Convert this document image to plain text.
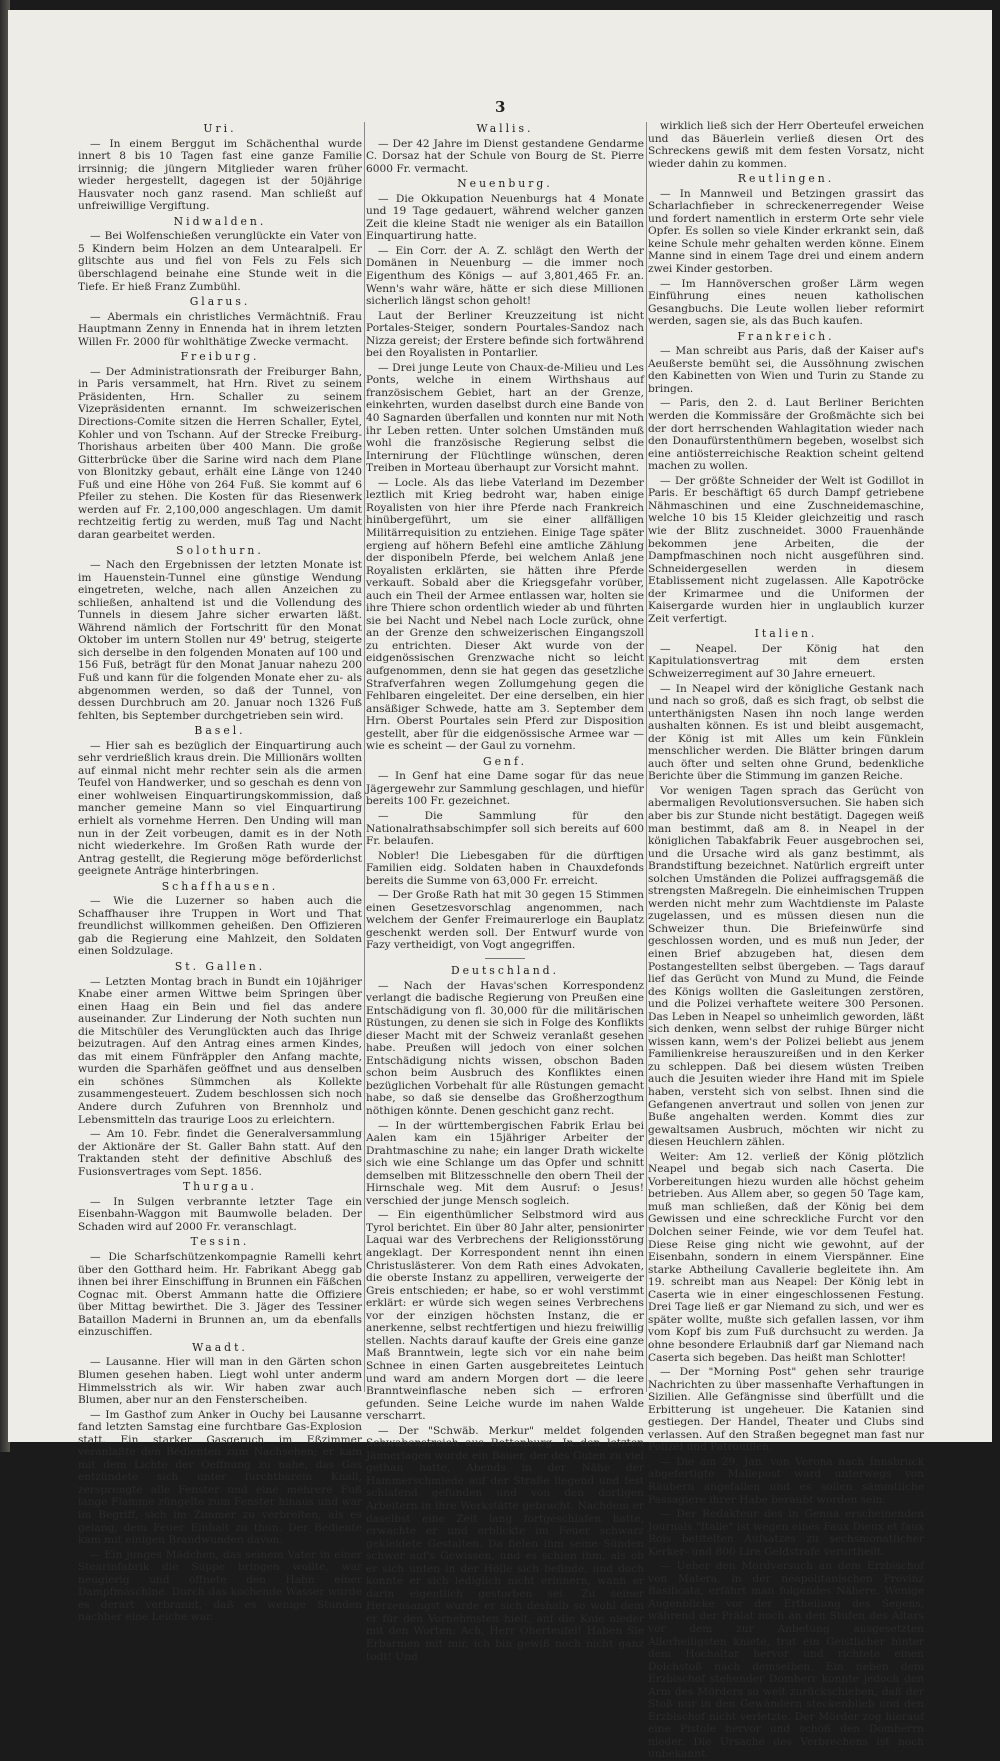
3
Uri.

— In einem Berggut im Schächenthal wurde innert 8 bis 10 Tagen fast eine ganze Familie irrsinnig; die jüngern Mitglieder waren früher wieder hergestellt, dagegen ist der 50jährige Hausvater noch ganz rasend. Man schließt auf unfreiwillige Vergiftung.

Nidwalden.

— Bei Wolfenschießen verunglückte ein Vater von 5 Kindern beim Holzen an dem Untearalpeli. Er glitschte aus und fiel von Fels zu Fels sich überschlagend beinahe eine Stunde weit in die Tiefe. Er hieß Franz Zumbühl.

Glarus.

— Abermals ein christliches Vermächtniß. Frau Hauptmann Zenny in Ennenda hat in ihrem letzten Willen Fr. 2000 für wohlthätige Zwecke vermacht.

Freiburg.

— Der Administrationsrath der Freiburger Bahn, in Paris versammelt, hat Hrn. Rivet zu seinem Präsidenten, Hrn. Schaller zu seinem Vizepräsidenten ernannt. Im schweizerischen Directions-Comite sitzen die Herren Schaller, Eytel, Kohler und von Tschann. Auf der Strecke Freiburg-Thorishaus arbeiten über 400 Mann. Die große Gitterbrücke über die Sarine wird nach dem Plane von Blonitzky gebaut, erhält eine Länge von 1240 Fuß und eine Höhe von 264 Fuß. Sie kommt auf 6 Pfeiler zu stehen. Die Kosten für das Riesenwerk werden auf Fr. 2,100,000 angeschlagen. Um damit rechtzeitig fertig zu werden, muß Tag und Nacht daran gearbeitet werden.

Solothurn.

— Nach den Ergebnissen der letzten Monate ist im Hauenstein-Tunnel eine günstige Wendung eingetreten, welche, nach allen Anzeichen zu schließen, anhaltend ist und die Vollendung des Tunnels in diesem Jahre sicher erwarten läßt. Während nämlich der Fortschritt für den Monat Oktober im untern Stollen nur 49' betrug, steigerte sich derselbe in den folgenden Monaten auf 100 und 156 Fuß, beträgt für den Monat Januar nahezu 200 Fuß und kann für die folgenden Monate eher zu- als abgenommen werden, so daß der Tunnel, von dessen Durchbruch am 20. Januar noch 1326 Fuß fehlten, bis September durchgetrieben sein wird.

Basel.

— Hier sah es bezüglich der Einquartirung auch sehr verdrießlich kraus drein. Die Millionärs wollten auf einmal nicht mehr rechter sein als die armen Teufel von Handwerker, und so geschah es denn von einer wohlweisen Einquartirungskommission, daß mancher gemeine Mann so viel Einquartirung erhielt als vornehme Herren. Den Unding will man nun in der Zeit vorbeugen, damit es in der Noth nicht wiederkehre. Im Großen Rath wurde der Antrag gestellt, die Regierung möge beförderlichst geeignete Anträge hinterbringen.

Schaffhausen.

— Wie die Luzerner so haben auch die Schaffhauser ihre Truppen in Wort und That freundlichst willkommen geheißen. Den Offizieren gab die Regierung eine Mahlzeit, den Soldaten einen Soldzulage.

St. Gallen.

— Letzten Montag brach in Bundt ein 10jähriger Knabe einer armen Wittwe beim Springen über einen Haag ein Bein und fiel das andere auseinander. Zur Linderung der Noth suchten nun die Mitschüler des Verunglückten auch das Ihrige beizutragen. Auf den Antrag eines armen Kindes, das mit einem Fünfräppler den Anfang machte, wurden die Sparhäfen geöffnet und aus denselben ein schönes Sümmchen als Kollekte zusammengesteuert. Zudem beschlossen sich noch Andere durch Zufuhren von Brennholz und Lebensmitteln das traurige Loos zu erleichtern.

— Am 10. Febr. findet die Generalversammlung der Aktionäre der St. Galler Bahn statt. Auf den Traktanden steht der definitive Abschluß des Fusionsvertrages vom Sept. 1856.

Thurgau.

— In Sulgen verbrannte letzter Tage ein Eisenbahn-Waggon mit Baumwolle beladen. Der Schaden wird auf 2000 Fr. veranschlagt.

Tessin.

— Die Scharfschützenkompagnie Ramelli kehrt über den Gotthard heim. Hr. Fabrikant Abegg gab ihnen bei ihrer Einschiffung in Brunnen ein Fäßchen Cognac mit. Oberst Ammann hatte die Offiziere über Mittag bewirthet. Die 3. Jäger des Tessiner Bataillon Maderni in Brunnen an, um da ebenfalls einzuschiffen.

Waadt.

— Lausanne. Hier will man in den Gärten schon Blumen gesehen haben. Liegt wohl unter anderm Himmelsstrich als wir. Wir haben zwar auch Blumen, aber nur an den Fensterscheiben.

— Im Gasthof zum Anker in Ouchy bei Lausanne fand letzten Samstag eine furchtbare Gas-Explosion statt. Ein starker Gasgeruch im Eßzimmer veranlaßte den Bedienten zum Nachsehen; er kam mit dem Lichte der Oeffnung zu nahe, das Gas entzündete sich unter furchtbarem Knall, zersprengte alle Fenster und eine mehrere Fuß lange Flamme züngelte zum Fenster hinaus und war im Begriff, sich im Zimmer zu verbreiten, als es gelang, dem Feuer Einhalt zu thun. Der Bediente kam mit einigen Brandwunden davon.

— Ein junges Mädchen, das seinem Vater in einer Stearinfabrik die Suppe bringen wollte, war neugierig und öffnete den Hahn einer Dampfmaschine. Durch das kochende Wasser wurde es derart verbrannt, daß es wenige Stunden nachher eine Leiche war.

Wallis.

— Der 42 Jahre im Dienst gestandene Gendarme C. Dorsaz hat der Schule von Bourg de St. Pierre 6000 Fr. vermacht.

Neuenburg.

— Die Okkupation Neuenburgs hat 4 Monate und 19 Tage gedauert, während welcher ganzen Zeit die kleine Stadt nie weniger als ein Bataillon Einquartirung hatte.

— Ein Corr. der A. Z. schlägt den Werth der Domänen in Neuenburg — die immer noch Eigenthum des Königs — auf 3,801,465 Fr. an. Wenn's wahr wäre, hätte er sich diese Millionen sicherlich längst schon geholt!

Laut der Berliner Kreuzzeitung ist nicht Portales-Steiger, sondern Pourtales-Sandoz nach Nizza gereist; der Erstere befinde sich fortwährend bei den Royalisten in Pontarlier.

— Drei junge Leute von Chaux-de-Milieu und Les Ponts, welche in einem Wirthshaus auf französischem Gebiet, hart an der Grenze, einkehrten, wurden daselbst durch eine Bande von 40 Sagnarden überfallen und konnten nur mit Noth ihr Leben retten. Unter solchen Umständen muß wohl die französische Regierung selbst die Internirung der Flüchtlinge wünschen, deren Treiben in Morteau überhaupt zur Vorsicht mahnt.

— Locle. Als das liebe Vaterland im Dezember leztlich mit Krieg bedroht war, haben einige Royalisten von hier ihre Pferde nach Frankreich hinübergeführt, um sie einer allfälligen Militärrequisition zu entziehen. Einige Tage später ergieng auf höhern Befehl eine amtliche Zählung der disponibeln Pferde, bei welchem Anlaß jene Royalisten erklärten, sie hätten ihre Pferde verkauft. Sobald aber die Kriegsgefahr vorüber, auch ein Theil der Armee entlassen war, holten sie ihre Thiere schon ordentlich wieder ab und führten sie bei Nacht und Nebel nach Locle zurück, ohne an der Grenze den schweizerischen Eingangszoll zu entrichten. Dieser Akt wurde von der eidgenössischen Grenzwache nicht so leicht aufgenommen, denn sie hat gegen das gesetzliche Strafverfahren wegen Zollumgehung gegen die Fehlbaren eingeleitet. Der eine derselben, ein hier ansäßiger Schwede, hatte am 3. September dem Hrn. Oberst Pourtales sein Pferd zur Disposition gestellt, aber für die eidgenössische Armee war — wie es scheint — der Gaul zu vornehm.

Genf.

— In Genf hat eine Dame sogar für das neue Jägergewehr zur Sammlung geschlagen, und hiefür bereits 100 Fr. gezeichnet.

— Die Sammlung für den Nationalrathsabschimpfer soll sich bereits auf 600 Fr. belaufen.

Nobler! Die Liebesgaben für die dürftigen Familien eidg. Soldaten haben in Chauxdefonds bereits die Summe von 63,000 Fr. erreicht.

— Der Große Rath hat mit 30 gegen 15 Stimmen einen Gesetzesvorschlag angenommen, nach welchem der Genfer Freimaurerloge ein Bauplatz geschenkt werden soll. Der Entwurf wurde von Fazy vertheidigt, von Vogt angegriffen.

Deutschland.

— Nach der Havas'schen Korrespondenz verlangt die badische Regierung von Preußen eine Entschädigung von fl. 30,000 für die militärischen Rüstungen, zu denen sie sich in Folge des Konflikts dieser Macht mit der Schweiz veranlaßt gesehen habe. Preußen will jedoch von einer solchen Entschädigung nichts wissen, obschon Baden schon beim Ausbruch des Konfliktes einen bezüglichen Vorbehalt für alle Rüstungen gemacht habe, so daß sie denselbe das Großherzogthum nöthigen könnte. Denen geschicht ganz recht.

— In der württembergischen Fabrik Erlau bei Aalen kam ein 15jähriger Arbeiter der Drahtmaschine zu nahe; ein langer Drath wickelte sich wie eine Schlange um das Opfer und schnitt demselben mit Blitzesschnelle den obern Theil der Hirnschale weg. Mit dem Ausruf: o Jesus! verschied der junge Mensch sogleich.

— Ein eigenthümlicher Selbstmord wird aus Tyrol berichtet. Ein über 80 Jahr alter, pensionirter Laquai war des Verbrechens der Religionsstörung angeklagt. Der Korrespondent nennt ihn einen Christuslästerer. Von dem Rath eines Advokaten, die oberste Instanz zu appelliren, verweigerte der Greis entschieden; er habe, so er wohl verstimmt erklärt: er würde sich wegen seines Verbrechens vor der einzigen höchsten Instanz, die er anerkenne, selbst rechtfertigen und hiezu freiwillig stellen. Nachts darauf kaufte der Greis eine ganze Maß Branntwein, legte sich vor ein nahe beim Schnee in einen Garten ausgebreitetes Leintuch und ward am andern Morgen dort — die leere Branntweinflasche neben sich — erfroren gefunden. Seine Leiche wurde im nahen Walde verscharrt.

— Der "Schwäb. Merkur" meldet folgenden Schwabenstreich aus Rottenburg. In den letzten Jännerlagen wurde ein Bauer, der des Guten zu viel gethan hatte, Abends in der Nähe der Hammerschmiede auf der Straße liegend und fest schlafend gefunden und von den dortigen Arbeitern in ihre Werkstätte gebracht. Nachdem er daselbst eine Zeit lang fortgeschlafen hatte, erwachte er und erblickte im Feuer schwarz gekleidete Gestalten. Da fielen ihm seine Sünden schwer auf's Gewissen, und es schien ihm, als ob er sich unten in der Hölle sich befinde, und doch konnte er sich lediglich nicht erinnern, wann er darin eigentlich gestorben sei. Zu seiner Herzensangst wurde er sich deshalb so wohl dem er für den Vornehmsten hielt, auf die Knie nieder mit den Worten: Ach, Herr Oberteufel! Haben Sie Erbarmen mit mir, ich bin gewiß noch nicht ganz todt! Und

wirklich ließ sich der Herr Oberteufel erweichen und das Bäuerlein verließ diesen Ort des Schreckens gewiß mit dem festen Vorsatz, nicht wieder dahin zu kommen.

Reutlingen.

— In Mannweil und Betzingen grassirt das Scharlachfieber in schreckenerregender Weise und fordert namentlich in ersterm Orte sehr viele Opfer. Es sollen so viele Kinder erkrankt sein, daß keine Schule mehr gehalten werden könne. Einem Manne sind in einem Tage drei und einem andern zwei Kinder gestorben.

— Im Hannöverschen großer Lärm wegen Einführung eines neuen katholischen Gesangbuchs. Die Leute wollen lieber reformirt werden, sagen sie, als das Buch kaufen.

Frankreich.

— Man schreibt aus Paris, daß der Kaiser auf's Aeußerste bemüht sei, die Aussöhnung zwischen den Kabinetten von Wien und Turin zu Stande zu bringen.

— Paris, den 2. d. Laut Berliner Berichten werden die Kommissäre der Großmächte sich bei der dort herrschenden Wahlagitation wieder nach den Donaufürstenthümern begeben, woselbst sich eine antiösterreichische Reaktion scheint geltend machen zu wollen.

— Der größte Schneider der Welt ist Godillot in Paris. Er beschäftigt 65 durch Dampf getriebene Nähmaschinen und eine Zuschneidemaschine, welche 10 bis 15 Kleider gleichzeitig und rasch wie der Blitz zuschneidet. 3000 Frauenhände bekommen jene Arbeiten, die der Dampfmaschinen noch nicht ausgeführen sind. Schneidergesellen werden in diesem Etablissement nicht zugelassen. Alle Kapotröcke der Krimarmee und die Uniformen der Kaisergarde wurden hier in unglaublich kurzer Zeit verfertigt.

Italien.

— Neapel. Der König hat den Kapitulationsvertrag mit dem ersten Schweizerregiment auf 30 Jahre erneuert.

— In Neapel wird der königliche Gestank nach und nach so groß, daß es sich fragt, ob selbst die unterthänigsten Nasen ihn noch lange werden aushalten können. Es ist und bleibt ausgemacht, der König ist mit Alles um kein Fünklein menschlicher werden. Die Blätter bringen darum auch öfter und selten ohne Grund, bedenkliche Berichte über die Stimmung im ganzen Reiche.

Vor wenigen Tagen sprach das Gerücht von abermaligen Revolutionsversuchen. Sie haben sich aber bis zur Stunde nicht bestätigt. Dagegen weiß man bestimmt, daß am 8. in Neapel in der königlichen Tabakfabrik Feuer ausgebrochen sei, und die Ursache wird als ganz bestimmt, als Brandstiftung bezeichnet. Natürlich ergreift unter solchen Umständen die Polizei auffragsgemäß die strengsten Maßregeln. Die einheimischen Truppen werden nicht mehr zum Wachtdienste im Palaste zugelassen, und es müssen diesen nun die Schweizer thun. Die Briefeinwürfe sind geschlossen worden, und es muß nun Jeder, der einen Brief abzugeben hat, diesen dem Postangestellten selbst übergeben. — Tags darauf lief das Gerücht von Mund zu Mund, die Feinde des Königs wollten die Gasleitungen zerstören, und die Polizei verhaftete weitere 300 Personen. Das Leben in Neapel so unheimlich geworden, läßt sich denken, wenn selbst der ruhige Bürger nicht wissen kann, wem's der Polizei beliebt aus jenem Familienkreise herauszureißen und in den Kerker zu schleppen. Daß bei diesem wüsten Treiben auch die Jesuiten wieder ihre Hand mit im Spiele haben, versteht sich von selbst. Ihnen sind die Gefangenen anvertraut und sollen von jenen zur Buße angehalten werden. Kommt dies zur gewaltsamen Ausbruch, möchten wir nicht zu diesen Heuchlern zählen.

Weiter: Am 12. verließ der König plötzlich Neapel und begab sich nach Caserta. Die Vorbereitungen hiezu wurden alle höchst geheim betrieben. Aus Allem aber, so gegen 50 Tage kam, muß man schließen, daß der König bei dem Gewissen und eine schreckliche Furcht vor den Dolchen seiner Feinde, wie vor dem Teufel hat. Diese Reise ging nicht wie gewohnt, auf der Eisenbahn, sondern in einem Vierspänner. Eine starke Abtheilung Cavallerie begleitete ihn. Am 19. schreibt man aus Neapel: Der König lebt in Caserta wie in einer eingeschlossenen Festung. Drei Tage ließ er gar Niemand zu sich, und wer es später wollte, mußte sich gefallen lassen, vor ihm vom Kopf bis zum Fuß durchsucht zu werden. Ja ohne besondere Erlaubniß darf gar Niemand nach Caserta sich begeben. Das heißt man Schlotter!

— Der "Morning Post" gehen sehr traurige Nachrichten zu über massenhafte Verhaftungen in Sizilien. Alle Gefängnisse sind überfüllt und die Erbitterung ist ungeheuer. Die Katanien sind gestiegen. Der Handel, Theater und Clubs sind verlassen. Auf den Straßen begegnet man fast nur Polizei und Patrouillen.

— Die am 29. Jan. von Verona nach Innsbruck abgefertigte Mallepost ward unterwegs von Räubern angefallen und es sollen sämmtliche Passagiere ihrer Habe beraubt worden sein.

— Der Redakteur des in Genua erscheinenden Journals "Italie" ist wegen eines Faux Dieux et faux Rois betitelten Aufsatzes zu sechsmonatlicher Kerker- und 800 Lire Geldstrafe verurtheilt.

— Ueber den Mordversuch an dem Erzbischof von Matera, in der neapolitanischen Provinz Basilicata, erfährt man folgendes Nähere. Wenige Augenblicke vor der Ertheilung des Segens, während der Prälat noch an den Stufen des Altars vor dem zur Anbetung ausgesetzten Allerheiligsten kniete, trat ein Geistlicher hinter dem Hochaltar hervor und richtete einen Dolchstoß nach demselben. Ein neben dem Erzbischof stehender Domherr konnte jedoch den Arm des Mörders so weit zurückschieben, daß der Stoß nur in den Gewändern steckenblieb und den Erzbischof nicht verletzte. Der Mörder zog hierauf eine Pistole hervor und schoß den Domherrn nieder. Die Ursache des Verbrechens ist noch unbekannt.
